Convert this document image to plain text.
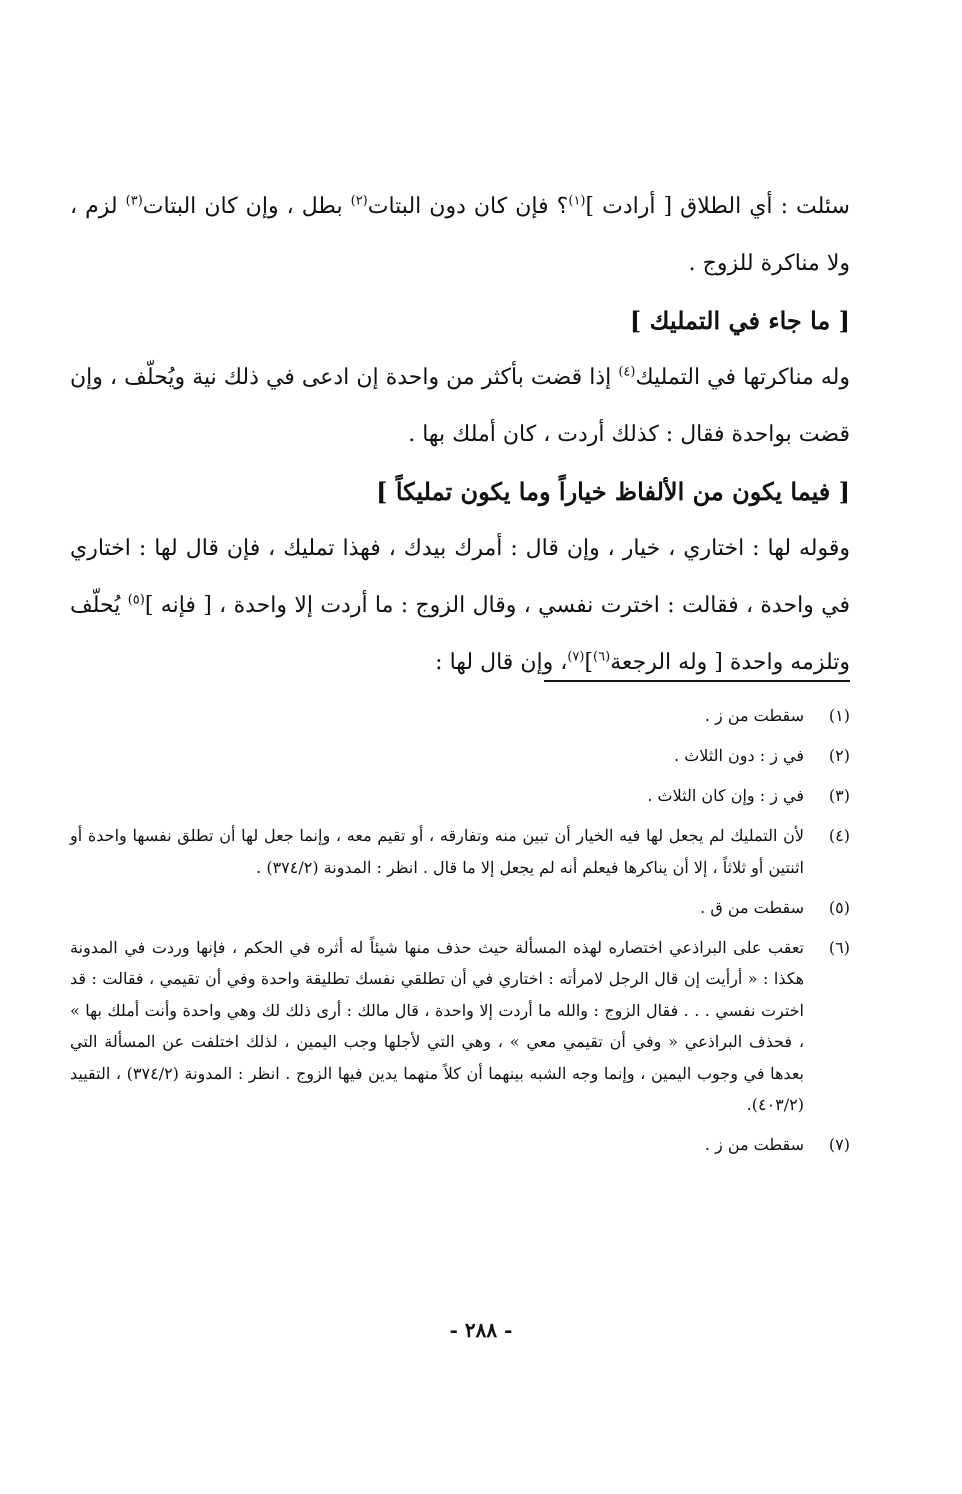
سئلت : أي الطلاق [ أرادت ]$^{(١)}$؟ فإن كان دون البتات$^{(٢)}$ بطل ، وإن كان البتات$^{(٣)}$ لزم ، ولا مناكرة للزوج .

[ ما جاء في التمليك ]

وله مناكرتها في التمليك$^{(٤)}$ إذا قضت بأكثر من واحدة إن ادعى في ذلك نية ويُحلّف ، وإن قضت بواحدة فقال : كذلك أردت ، كان أملك بها .

[ فيما يكون من الألفاظ خياراً وما يكون تمليكاً ]

وقوله لها : اختاري ، خيار ، وإن قال : أمرك بيدك ، فهذا تمليك ، فإن قال لها : اختاري في واحدة ، فقالت : اخترت نفسي ، وقال الزوج : ما أردت إلا واحدة ، [ فإنه ]$^{(٥)}$ يُحلّف وتلزمه واحدة [ وله الرجعة$^{(٦)}$]$^{(٧)}$، وإن قال لها :

(١)
سقطت من ز .
(٢)
في ز : دون الثلاث .
(٣)
في ز : وإن كان الثلاث .
(٤)
لأن التمليك لم يجعل لها فيه الخيار أن تبين منه وتفارقه ، أو تقيم معه ، وإنما جعل لها أن تطلق نفسها واحدة أو اثنتين أو ثلاثاً ، إلا أن يناكرها فيعلم أنه لم يجعل إلا ما قال . انظر : المدونة (٣٧٤/٢) .
(٥)
سقطت من ق .
(٦)
تعقب على البراذعي اختصاره لهذه المسألة حيث حذف منها شيئاً له أثره في الحكم ، فإنها وردت في المدونة هكذا : « أرأيت إن قال الرجل لامرأته : اختاري في أن تطلقي نفسك تطليقة واحدة وفي أن تقيمي ، فقالت : قد اخترت نفسي . . . فقال الزوج : والله ما أردت إلا واحدة ، قال مالك : أرى ذلك لك وهي واحدة وأنت أملك بها » ، فحذف البراذعي « وفي أن تقيمي معي » ، وهي التي لأجلها وجب اليمين ، لذلك اختلفت عن المسألة التي بعدها في وجوب اليمين ، وإنما وجه الشبه بينهما أن كلاً منهما يدين فيها الزوج . انظر : المدونة (٣٧٤/٢) ، التقييد (٤٠٣/٢).
(٧)
سقطت من ز .
- ٢٨٨ -
